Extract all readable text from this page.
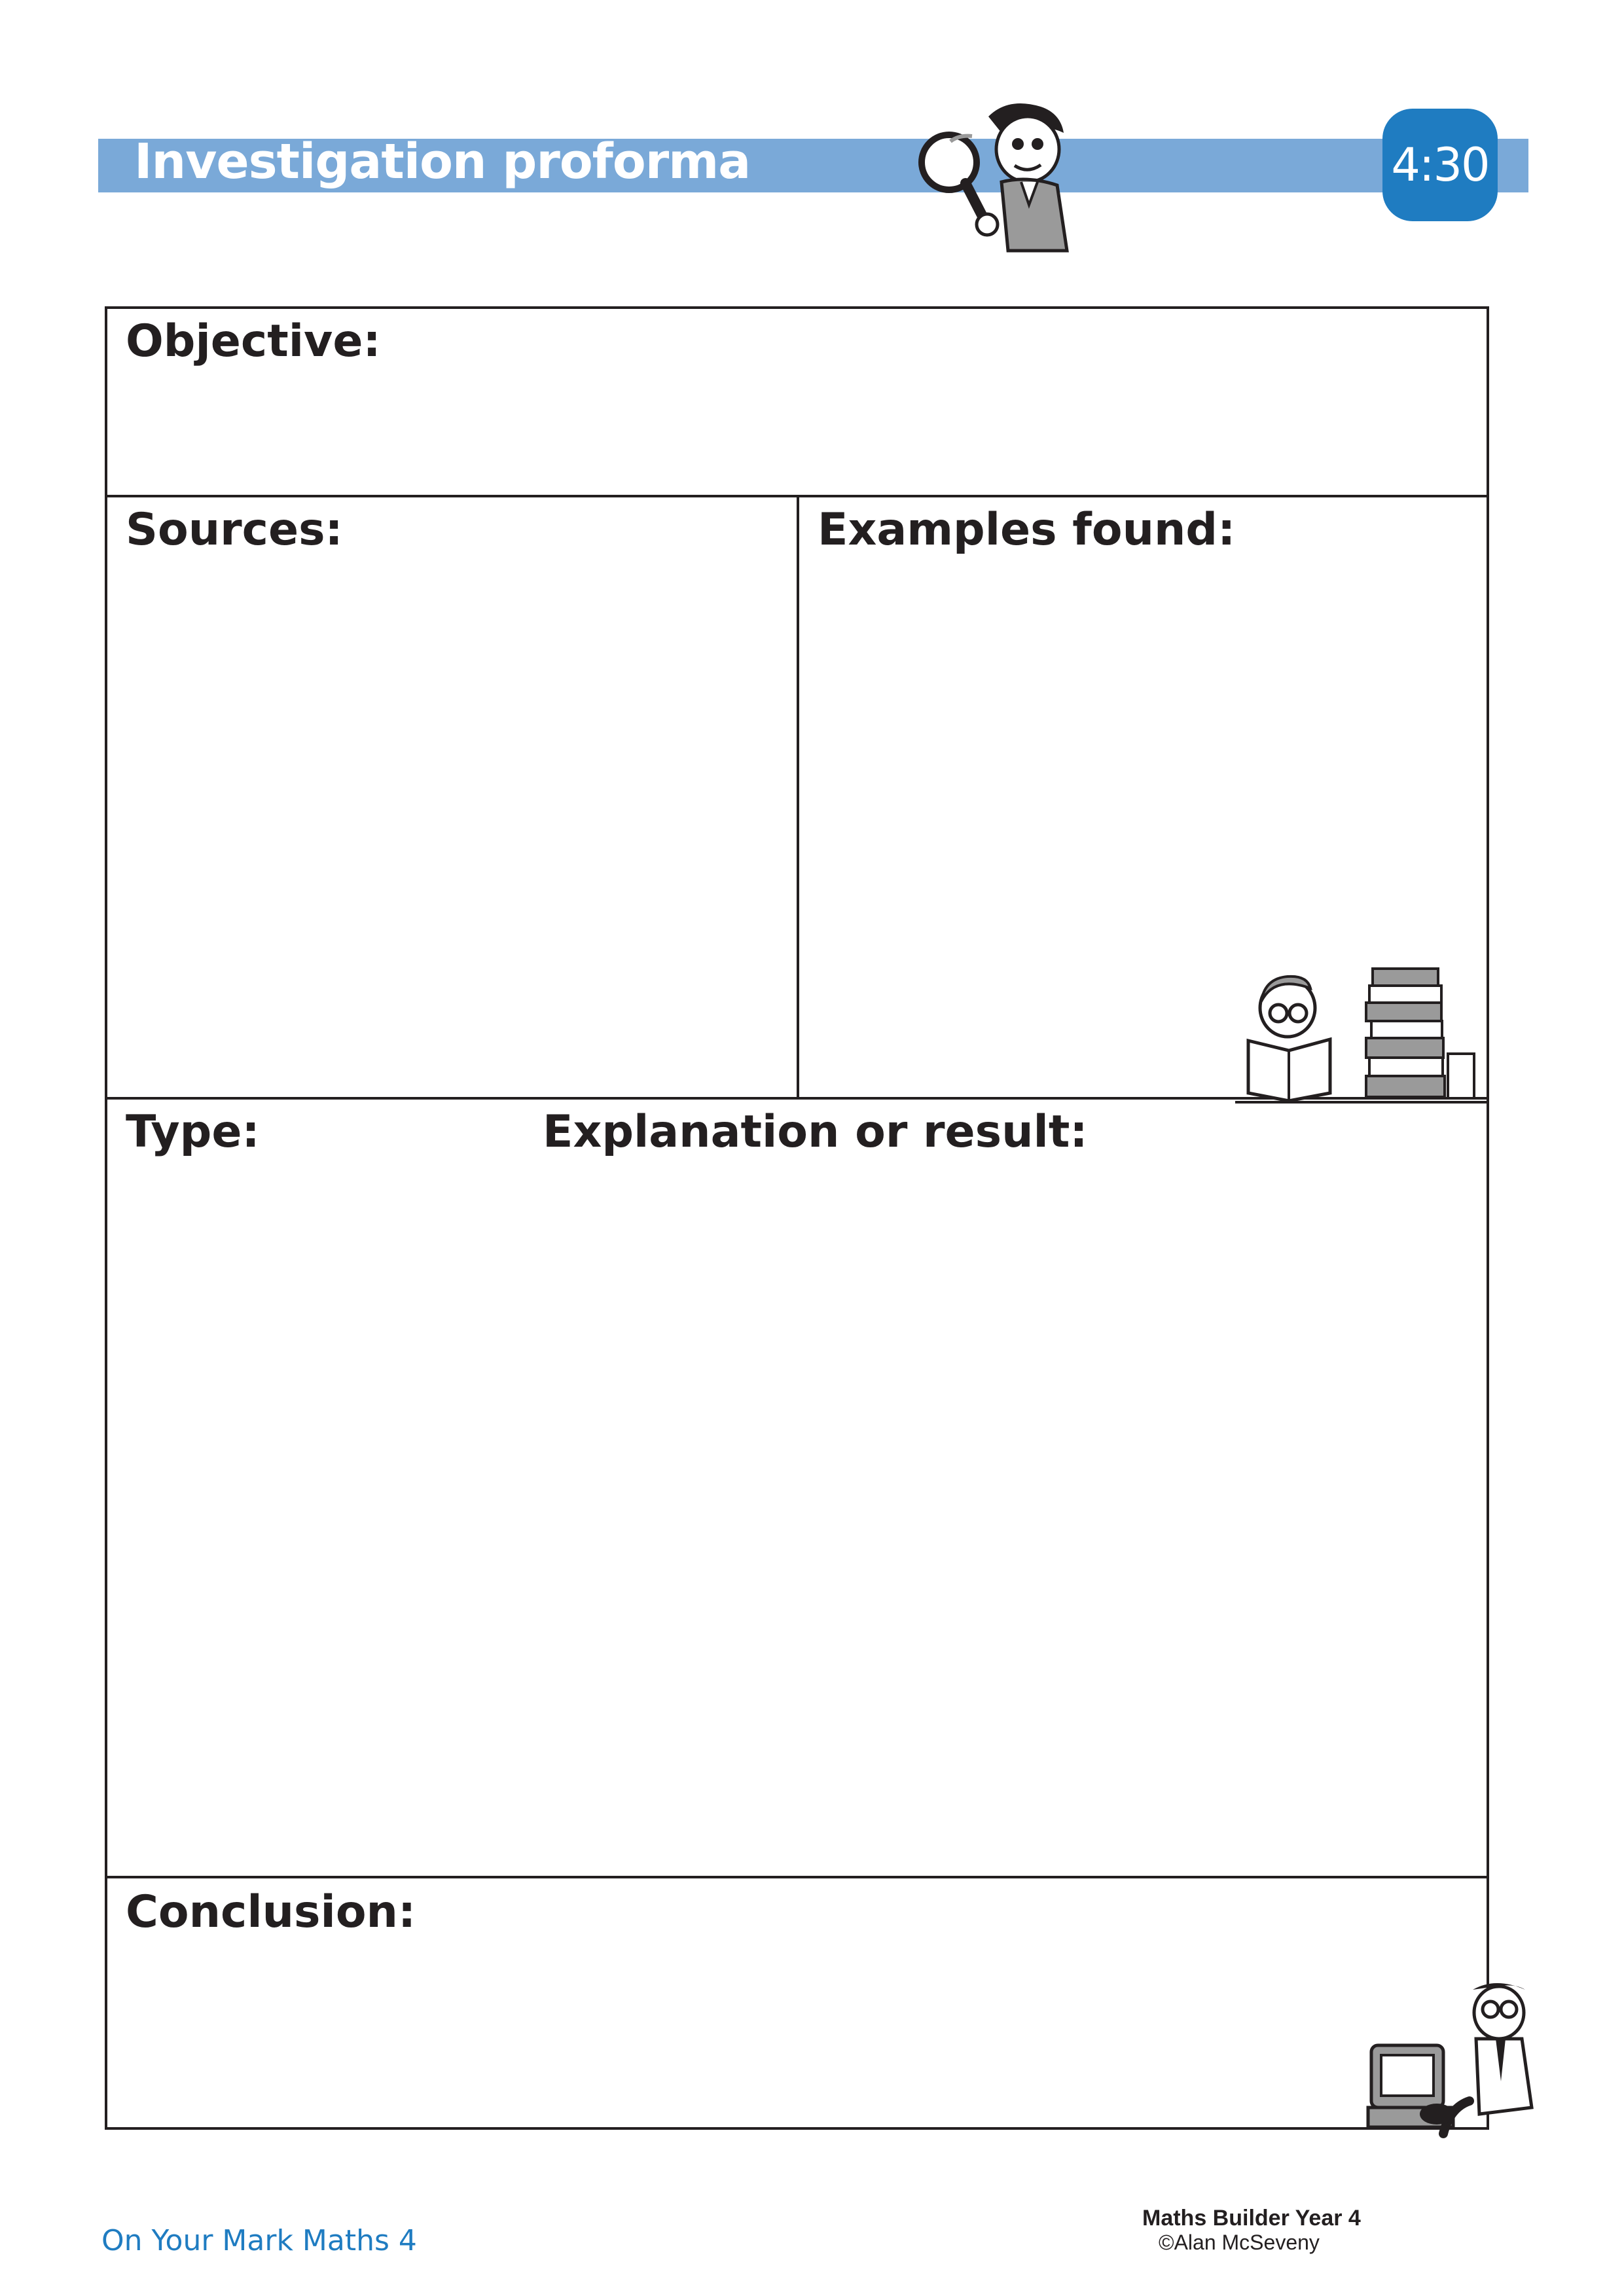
Investigation proforma	4:30
Objective:
Sources:	Examples found:
Type:	Explanation or result:
Conclusion:
On Your Mark Maths 4
Maths Builder Year 4
©Alan McSeveny
